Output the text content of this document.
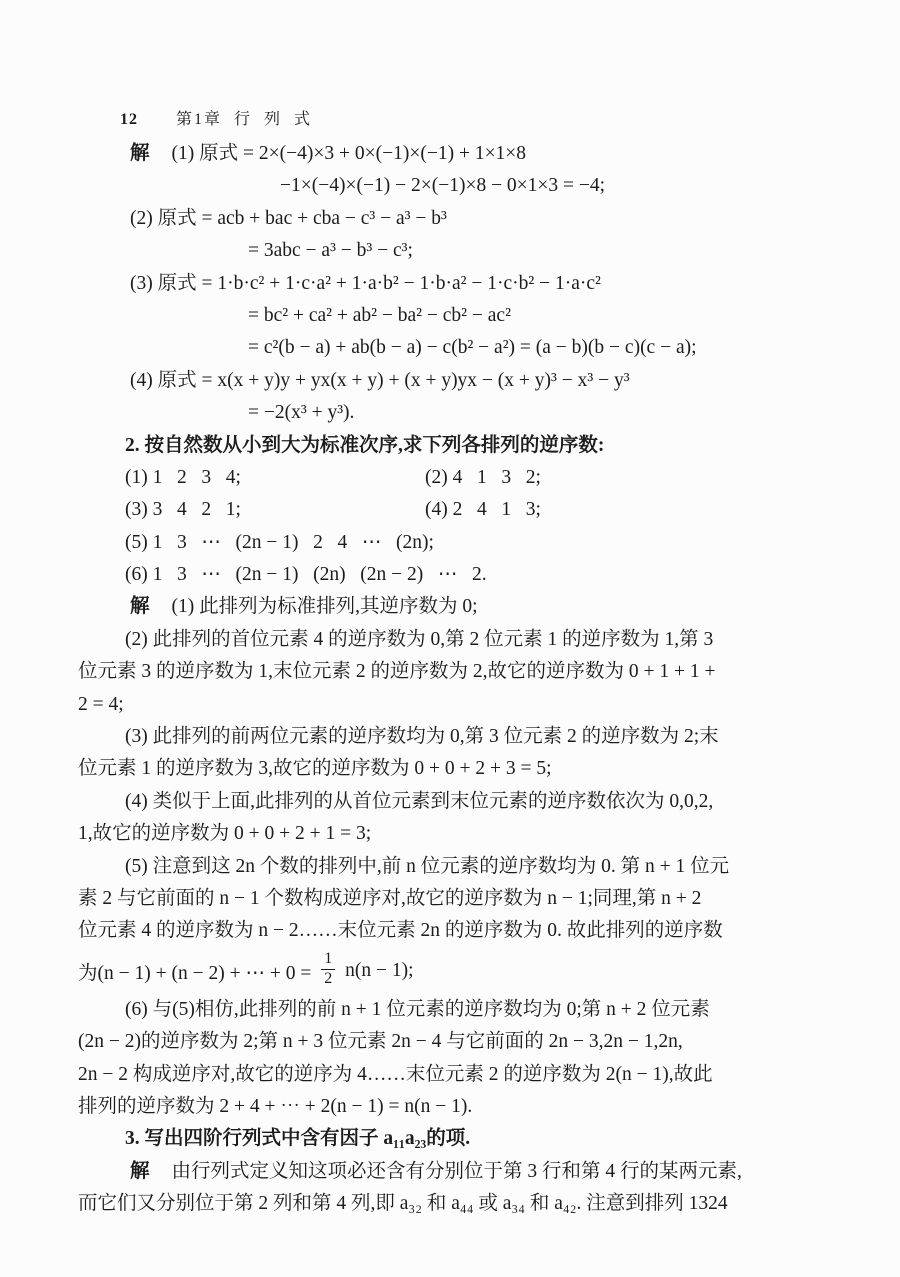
12 第1章  行  列  式

解 (1) 原式 = 2×(−4)×3 + 0×(−1)×(−1) + 1×1×8
−1×(−4)×(−1) − 2×(−1)×8 − 0×1×3 = −4;
(2) 原式 = acb + bac + cba − c³ − a³ − b³
= 3abc − a³ − b³ − c³;
(3) 原式 = 1·b·c² + 1·c·a² + 1·a·b² − 1·b·a² − 1·c·b² − 1·a·c²
= bc² + ca² + ab² − ba² − cb² − ac²
= c²(b − a) + ab(b − a) − c(b² − a²) = (a − b)(b − c)(c − a);
(4) 原式 = x(x + y)y + yx(x + y) + (x + y)yx − (x + y)³ − x³ − y³
= −2(x³ + y³).
2. 按自然数从小到大为标准次序,求下列各排列的逆序数:
(1) 1   2   3   4;	(2) 4   1   3   2;
(3) 3   4   2   1;	(4) 2   4   1   3;
(5) 1   3   ⋯   (2n − 1)   2   4   ⋯   (2n);
(6) 1   3   ⋯   (2n − 1)   (2n)   (2n − 2)   ⋯   2.
解 (1) 此排列为标准排列,其逆序数为 0;
(2) 此排列的首位元素 4 的逆序数为 0,第 2 位元素 1 的逆序数为 1,第 3
位元素 3 的逆序数为 1,末位元素 2 的逆序数为 2,故它的逆序数为 0 + 1 + 1 +
2 = 4;
(3) 此排列的前两位元素的逆序数均为 0,第 3 位元素 2 的逆序数为 2;末
位元素 1 的逆序数为 3,故它的逆序数为 0 + 0 + 2 + 3 = 5;
(4) 类似于上面,此排列的从首位元素到末位元素的逆序数依次为 0,0,2,
1,故它的逆序数为 0 + 0 + 2 + 1 = 3;
(5) 注意到这 2n 个数的排列中,前 n 位元素的逆序数均为 0. 第 n + 1 位元
素 2 与它前面的 n − 1 个数构成逆序对,故它的逆序数为 n − 1;同理,第 n + 2
位元素 4 的逆序数为 n − 2……末位元素 2n 的逆序数为 0. 故此排列的逆序数
为(n − 1) + (n − 2) + ⋯ + $0 = \frac{1}{2} n(n - 1)$;
(6) 与(5)相仿,此排列的前 n + 1 位元素的逆序数均为 0;第 n + 2 位元素
(2n − 2)的逆序数为 2;第 n + 3 位元素 2n − 4 与它前面的 2n − 3,2n − 1,2n,
2n − 2 构成逆序对,故它的逆序为 4……末位元素 2 的逆序数为 2(n − 1),故此
排列的逆序数为 2 + 4 + ⋯ + 2(n − 1) = n(n − 1).
3. 写出四阶行列式中含有因子 a₁₁a₂₃的项.
解 由行列式定义知这项必还含有分别位于第 3 行和第 4 行的某两元素,
而它们又分别位于第 2 列和第 4 列,即 a₃₂ 和 a₄₄ 或 a₃₄ 和 a₄₂. 注意到排列 1324
